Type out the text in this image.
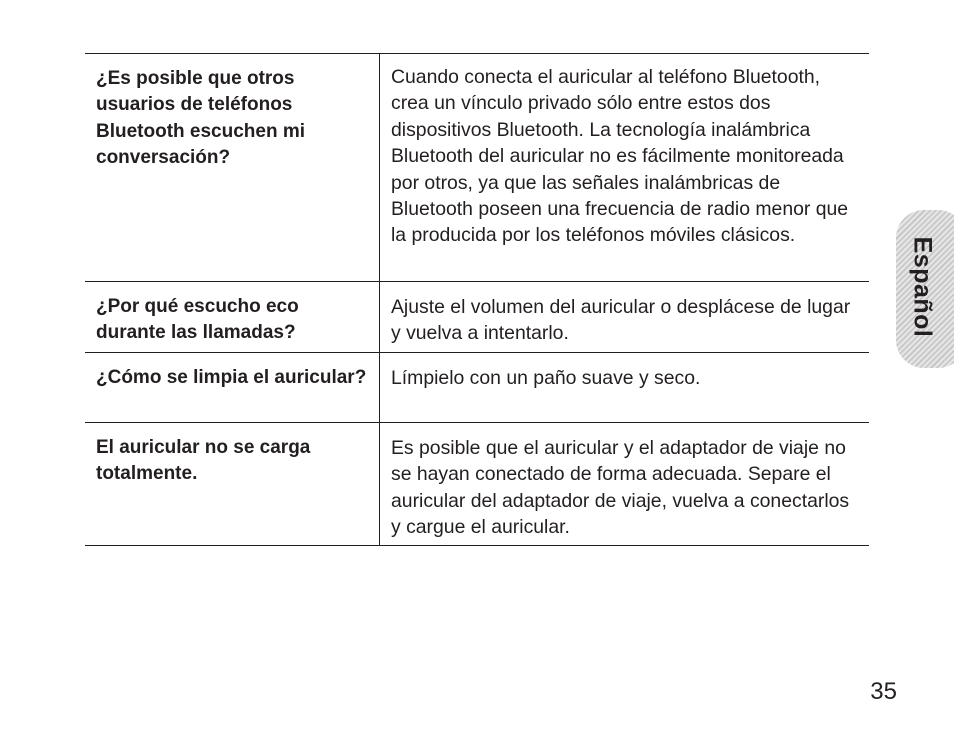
¿Es posible que otros usuarios de teléfonos Bluetooth escuchen mi conversación?
Cuando conecta el auricular al teléfono Bluetooth, crea un vínculo privado sólo entre estos dos dispositivos Bluetooth. La tecnología inalámbrica Bluetooth del auricular no es fácilmente monitoreada por otros, ya que las señales inalámbricas de Bluetooth poseen una frecuencia de radio menor que la producida por los teléfonos móviles clásicos.
¿Por qué escucho eco durante las llamadas?
Ajuste el volumen del auricular o desplácese de lugar y vuelva a intentarlo.
¿Cómo se limpia el auricular?	Límpielo con un paño suave y seco.
El auricular no se carga totalmente.
Es posible que el auricular y el adaptador de viaje no se hayan conectado de forma adecuada. Separe el auricular del adaptador de viaje, vuelva a conectarlos y cargue el auricular.
Español
35
